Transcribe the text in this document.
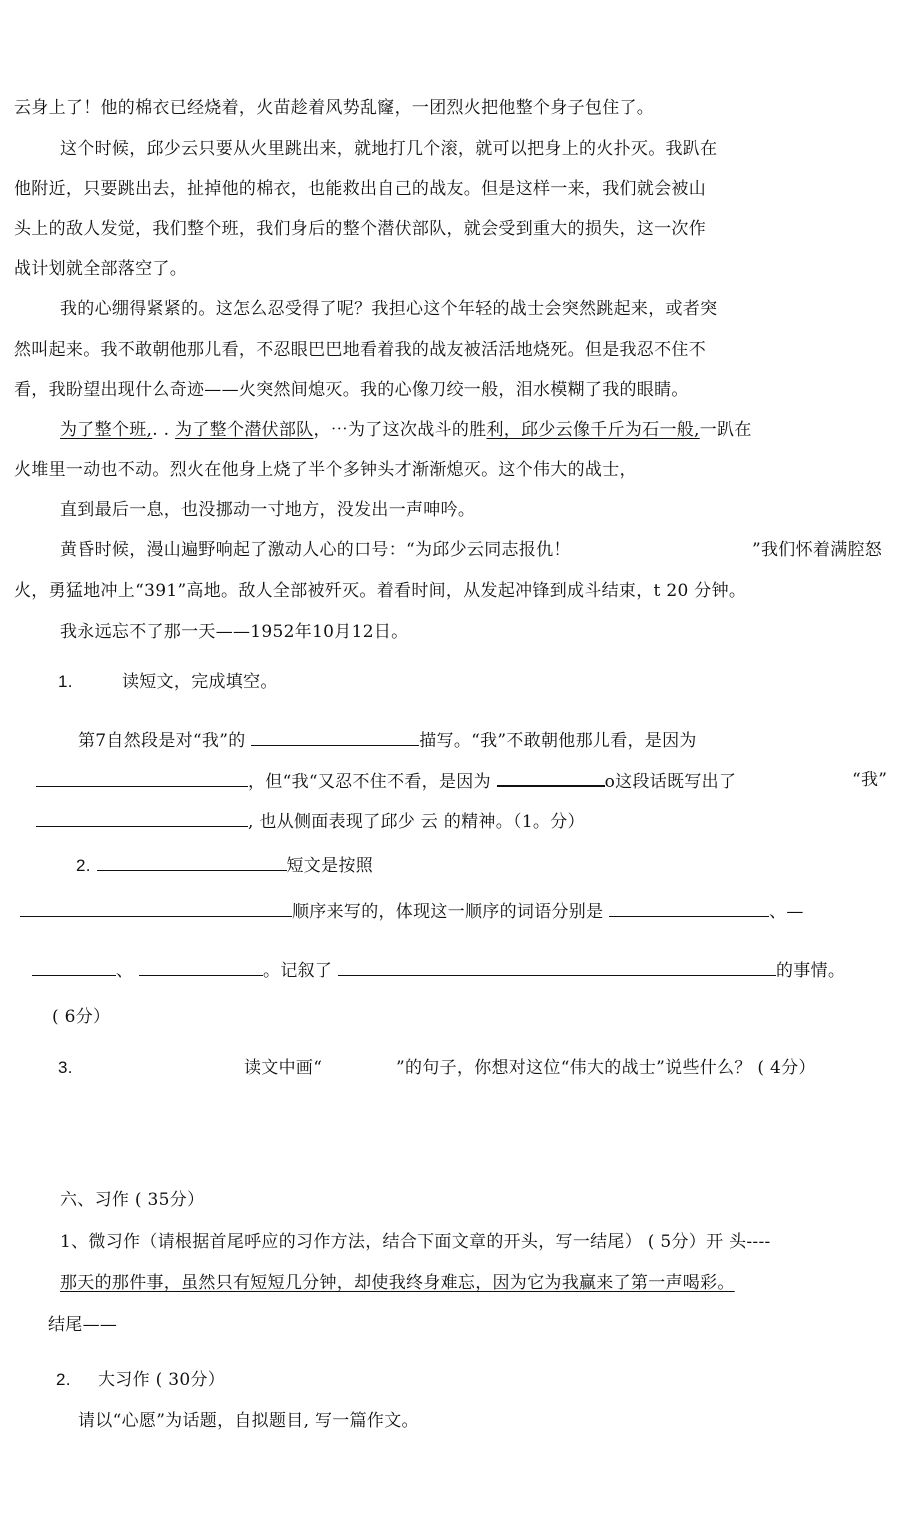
云身上了！他的棉衣已经烧着，火苗趁着风势乱窿，一团烈火把他整个身子包住了。
这个时候，邱少云只要从火里跳出来，就地打几个滚，就可以把身上的火扑灭。我趴在
他附近，只要跳出去，扯掉他的棉衣，也能救出自己的战友。但是这样一来，我们就会被山
头上的敌人发觉，我们整个班，我们身后的整个潜伏部队，就会受到重大的损失，这一次作
战计划就全部落空了。
我的心绷得紧紧的。这怎么忍受得了呢？我担心这个年轻的战士会突然跳起来，或者突
然叫起来。我不敢朝他那儿看，不忍眼巴巴地看着我的战友被活活地烧死。但是我忍不住不
看，我盼望出现什么奇迹——火突然间熄灭。我的心像刀绞一般，泪水模糊了我的眼睛。
为了整个班,. . 为了整个潜伏部队，⋯为了这次战斗的胜利，邱少云像千斤为石一般,一趴在
火堆里一动也不动。烈火在他身上烧了半个多钟头才渐渐熄灭。这个伟大的战士，
直到最后一息，也没挪动一寸地方，没发出一声呻吟。
黄昏时候，漫山遍野响起了激动人心的口号：“为邱少云同志报仇！	”我们怀着满腔怒
火，勇猛地冲上“391”高地。敌人全部被歼灭。着看时间，从发起冲锋到成斗结束，t 20 分钟。
我永远忘不了那一天——1952年10月12日。
1.	读短文，完成填空。
第7自然段是对“我”的	描写。“我”不敢朝他那儿看，是因为
，但“我“又忍不住不看，是因为	o这段话既写出了	“我”
, 也从侧面表现了邱少 云 的精神。（1。分）
2.	短文是按照
顺序来写的，体现这一顺序的词语分别是	、—
、	。记叙了	的事情。
( 6分）
3.	读文中画“	”的句子，你想对这位“伟大的战士”说些什么？ ( 4分）
六、习作 ( 35分）
1、微习作（请根据首尾呼应的习作方法，结合下面文章的开头，写一结尾） ( 5分）开 头----
那天的那件事，虽然只有短短几分钟，却使我终身难忘，因为它为我赢来了第一声喝彩。
结尾——
2. 大习作 ( 30分）
请以“心愿”为话题，自拟题目, 写一篇作文。
